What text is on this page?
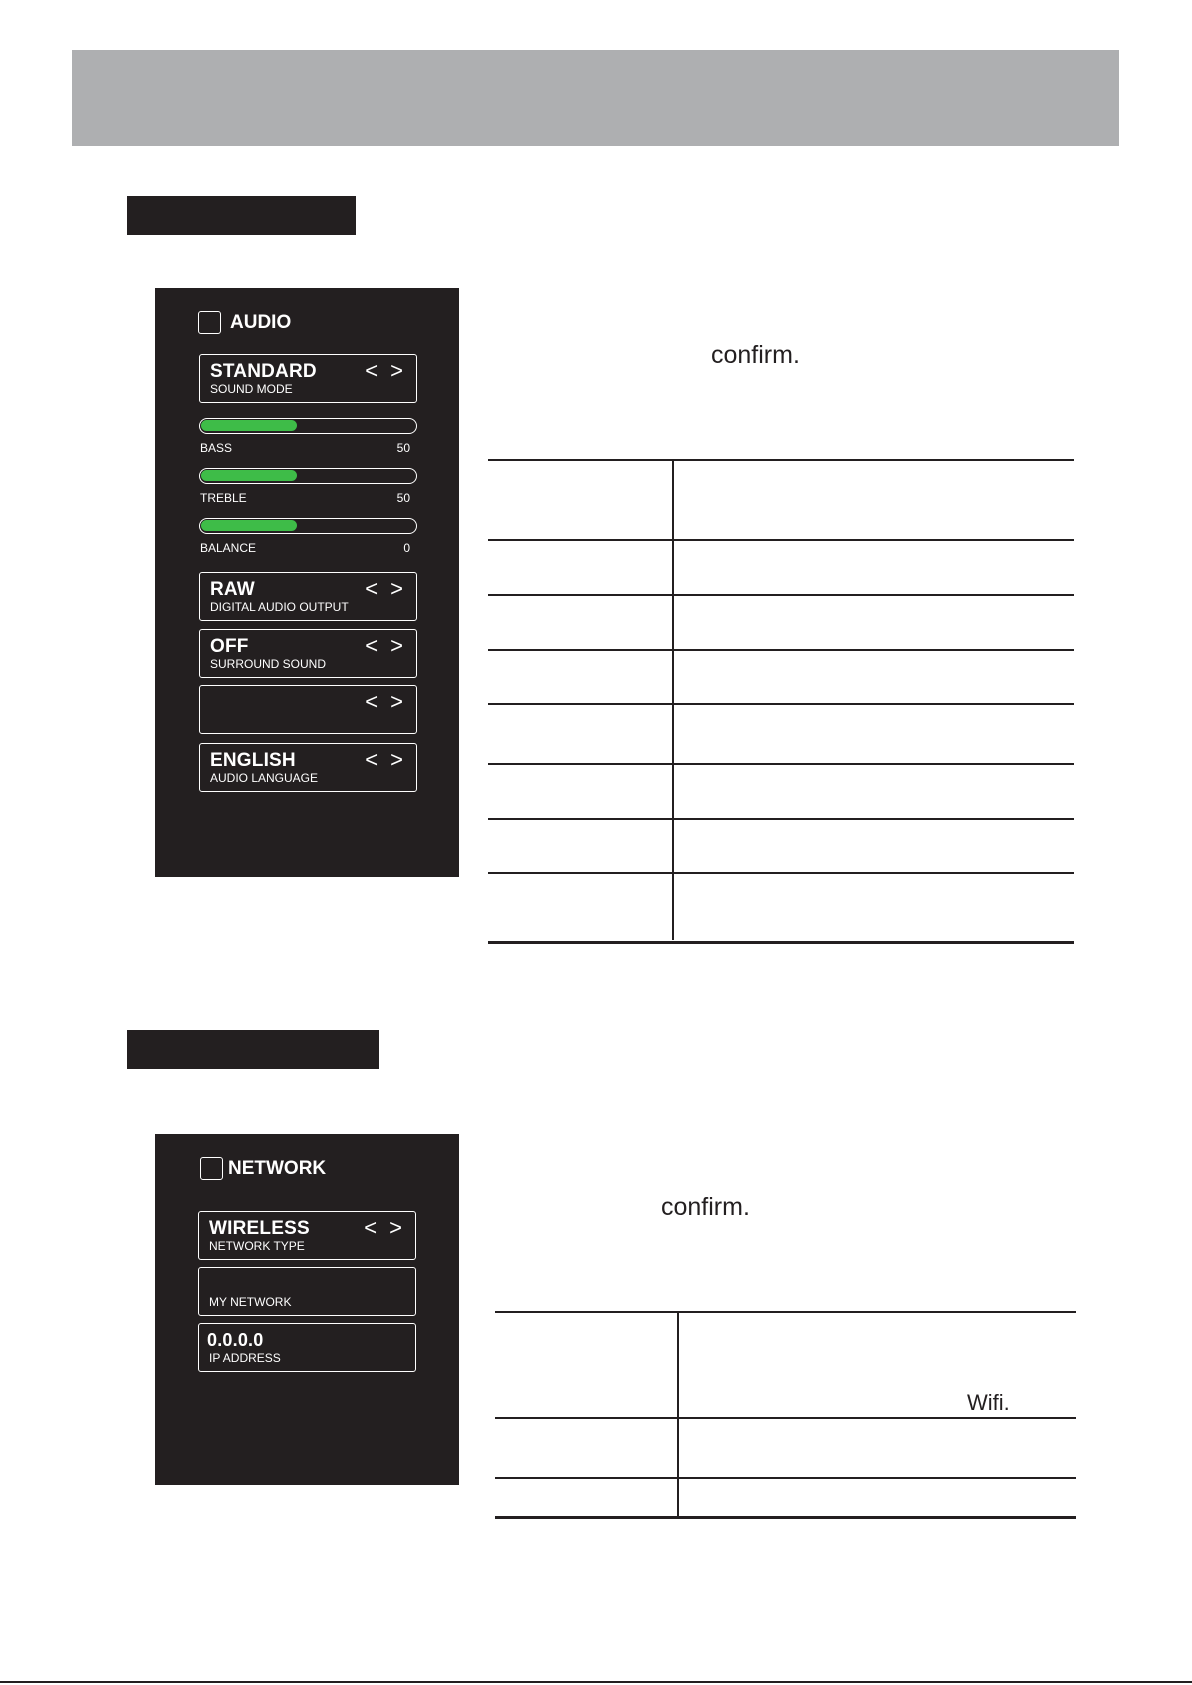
AUDIO
STANDARD
SOUND MODE
< >
BASS	50
TREBLE	50
BALANCE	0
RAW
DIGITAL AUDIO OUTPUT
< >
OFF
SURROUND SOUND
< >
< >
ENGLISH
AUDIO LANGUAGE
< >
confirm.
NETWORK
WIRELESS
NETWORK TYPE
< >
MY NETWORK
0.0.0.0
IP ADDRESS
confirm.
Wifi.
